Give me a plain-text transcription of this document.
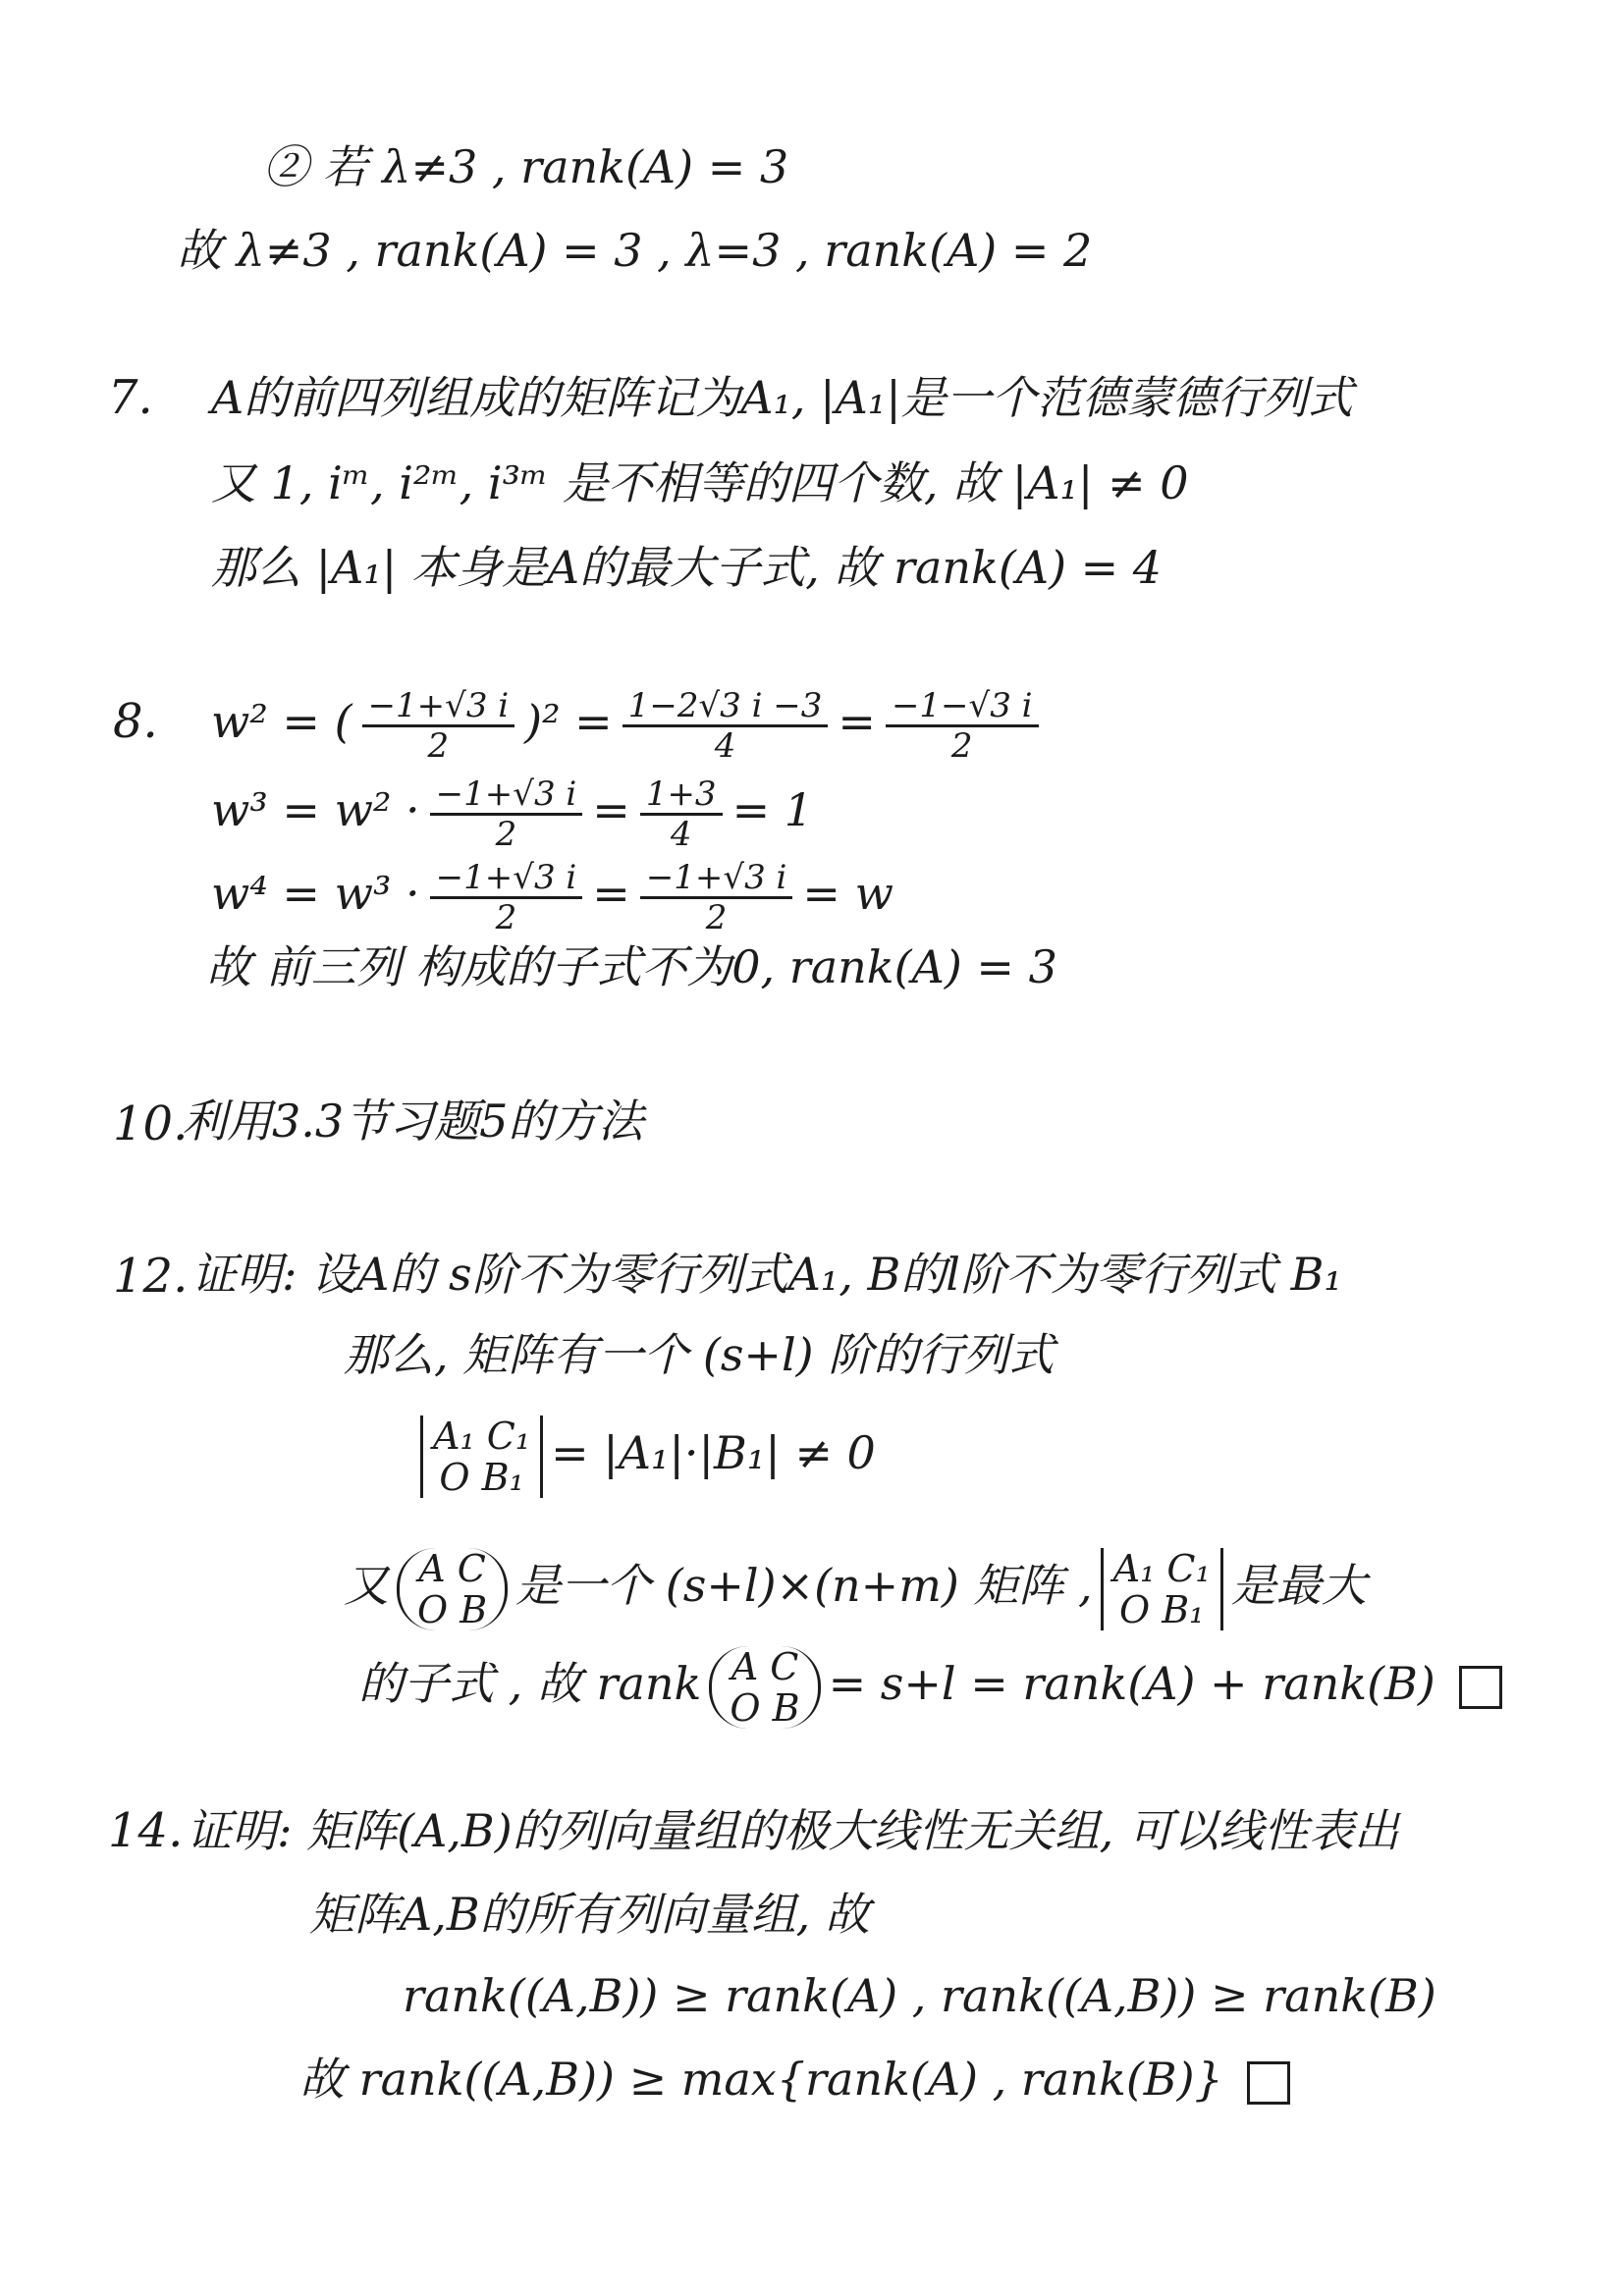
② 若 λ≠3 , rank(A) = 3
故 λ≠3 , rank(A) = 3 , λ=3 , rank(A) = 2
7. A的前四列组成的矩阵记为A₁, |A₁|是一个范德蒙德行列式
又 1, iᵐ, i²ᵐ, i³ᵐ 是不相等的四个数, 故 |A₁| ≠ 0
那么 |A₁| 本身是A的最大子式, 故 rank(A) = 4
8. w² = ( $\frac{-1+√3 i}{2} )^2 = \frac{1-2√3 i -3}{4} = \frac{-1-√3 i}{2}$
$w^3 = w^2 \cdot \frac{-1+√3 i}{2} = \frac{1+3}{4} = 1$
$w^4 = w^3 \cdot \frac{-1+√3 i}{2} = \frac{-1+√3 i}{2} = w$
故 前三列 构成的子式不为0, rank(A) = 3
10.
利用3.3节习题5的方法
12. 证明: 设A的 s阶不为零行列式A₁, B的l阶不为零行列式 B₁
那么, 矩阵有一个 (s+l) 阶的行列式
A₁ C₁
O B₁ = |A₁|·|B₁| ≠ 0
又 A C
O B 是一个 (s+l)×(n+m) 矩阵 , A₁ C₁
O B₁ 是最大
的子式 , 故 rank A C
O B = s+l = rank(A) + rank(B)
14. 证明: 矩阵(A,B)的列向量组的极大线性无关组, 可以线性表出
矩阵A,B的所有列向量组, 故
rank((A,B)) ≥ rank(A) , rank((A,B)) ≥ rank(B)
故 rank((A,B)) ≥ max{rank(A) , rank(B)}
